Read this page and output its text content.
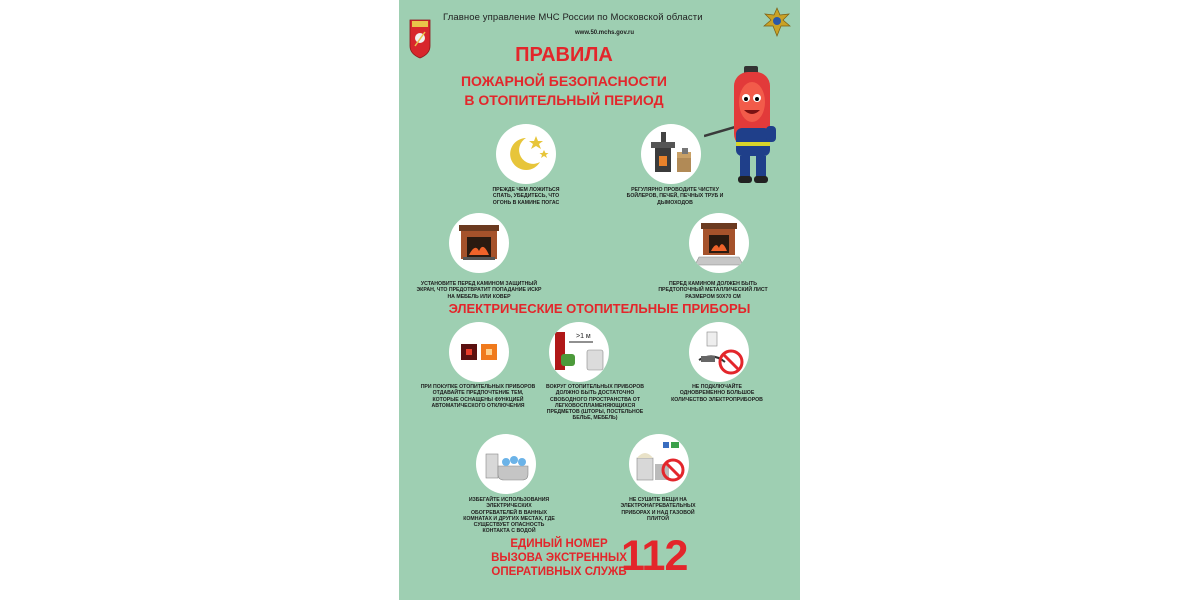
Главное управление МЧС России по Московской области
www.50.mchs.gov.ru
ПРАВИЛА
ПОЖАРНОЙ БЕЗОПАСНОСТИ
В ОТОПИТЕЛЬНЫЙ ПЕРИОД
ПРЕЖДЕ ЧЕМ ЛОЖИТЬСЯ СПАТЬ, УБЕДИТЕСЬ, ЧТО ОГОНЬ В КАМИНЕ ПОГАС
РЕГУЛЯРНО ПРОВОДИТЕ ЧИСТКУ БОЙЛЕРОВ, ПЕЧЕЙ, ПЕЧНЫХ ТРУБ И ДЫМОХОДОВ
УСТАНОВИТЕ ПЕРЕД КАМИНОМ ЗАЩИТНЫЙ ЭКРАН, ЧТО ПРЕДОТВРАТИТ ПОПАДАНИЕ ИСКР НА МЕБЕЛЬ ИЛИ КОВЕР
ПЕРЕД КАМИНОМ ДОЛЖЕН БЫТЬ ПРЕДТОПОЧНЫЙ МЕТАЛЛИЧЕСКИЙ ЛИСТ РАЗМЕРОМ 50Х70 СМ
ЭЛЕКТРИЧЕСКИЕ ОТОПИТЕЛЬНЫЕ ПРИБОРЫ
ПРИ ПОКУПКЕ ОТОПИТЕЛЬНЫХ ПРИБОРОВ ОТДАВАЙТЕ ПРЕДПОЧТЕНИЕ ТЕМ, КОТОРЫЕ ОСНАЩЕНЫ ФУНКЦИЕЙ АВТОМАТИЧЕСКОГО ОТКЛЮЧЕНИЯ
>1 м
ВОКРУГ ОТОПИТЕЛЬНЫХ ПРИБОРОВ ДОЛЖНО БЫТЬ ДОСТАТОЧНО СВОБОДНОГО ПРОСТРАНСТВА ОТ ЛЕГКОВОСПЛАМЕНЯЮЩИХСЯ ПРЕДМЕТОВ (ШТОРЫ, ПОСТЕЛЬНОЕ БЕЛЬЕ, МЕБЕЛЬ)
НЕ ПОДКЛЮЧАЙТЕ ОДНОВРЕМЕННО БОЛЬШОЕ КОЛИЧЕСТВО ЭЛЕКТРОПРИБОРОВ
ИЗБЕГАЙТЕ ИСПОЛЬЗОВАНИЯ ЭЛЕКТРИЧЕСКИХ ОБОГРЕВАТЕЛЕЙ В ВАННЫХ КОМНАТАХ И ДРУГИХ МЕСТАХ, ГДЕ СУЩЕСТВУЕТ ОПАСНОСТЬ КОНТАКТА С ВОДОЙ
НЕ СУШИТЕ ВЕЩИ НА ЭЛЕКТРОНАГРЕВАТЕЛЬНЫХ ПРИБОРАХ И НАД ГАЗОВОЙ ПЛИТОЙ
ЕДИНЫЙ НОМЕР
ВЫЗОВА ЭКСТРЕННЫХ
ОПЕРАТИВНЫХ СЛУЖБ
112
